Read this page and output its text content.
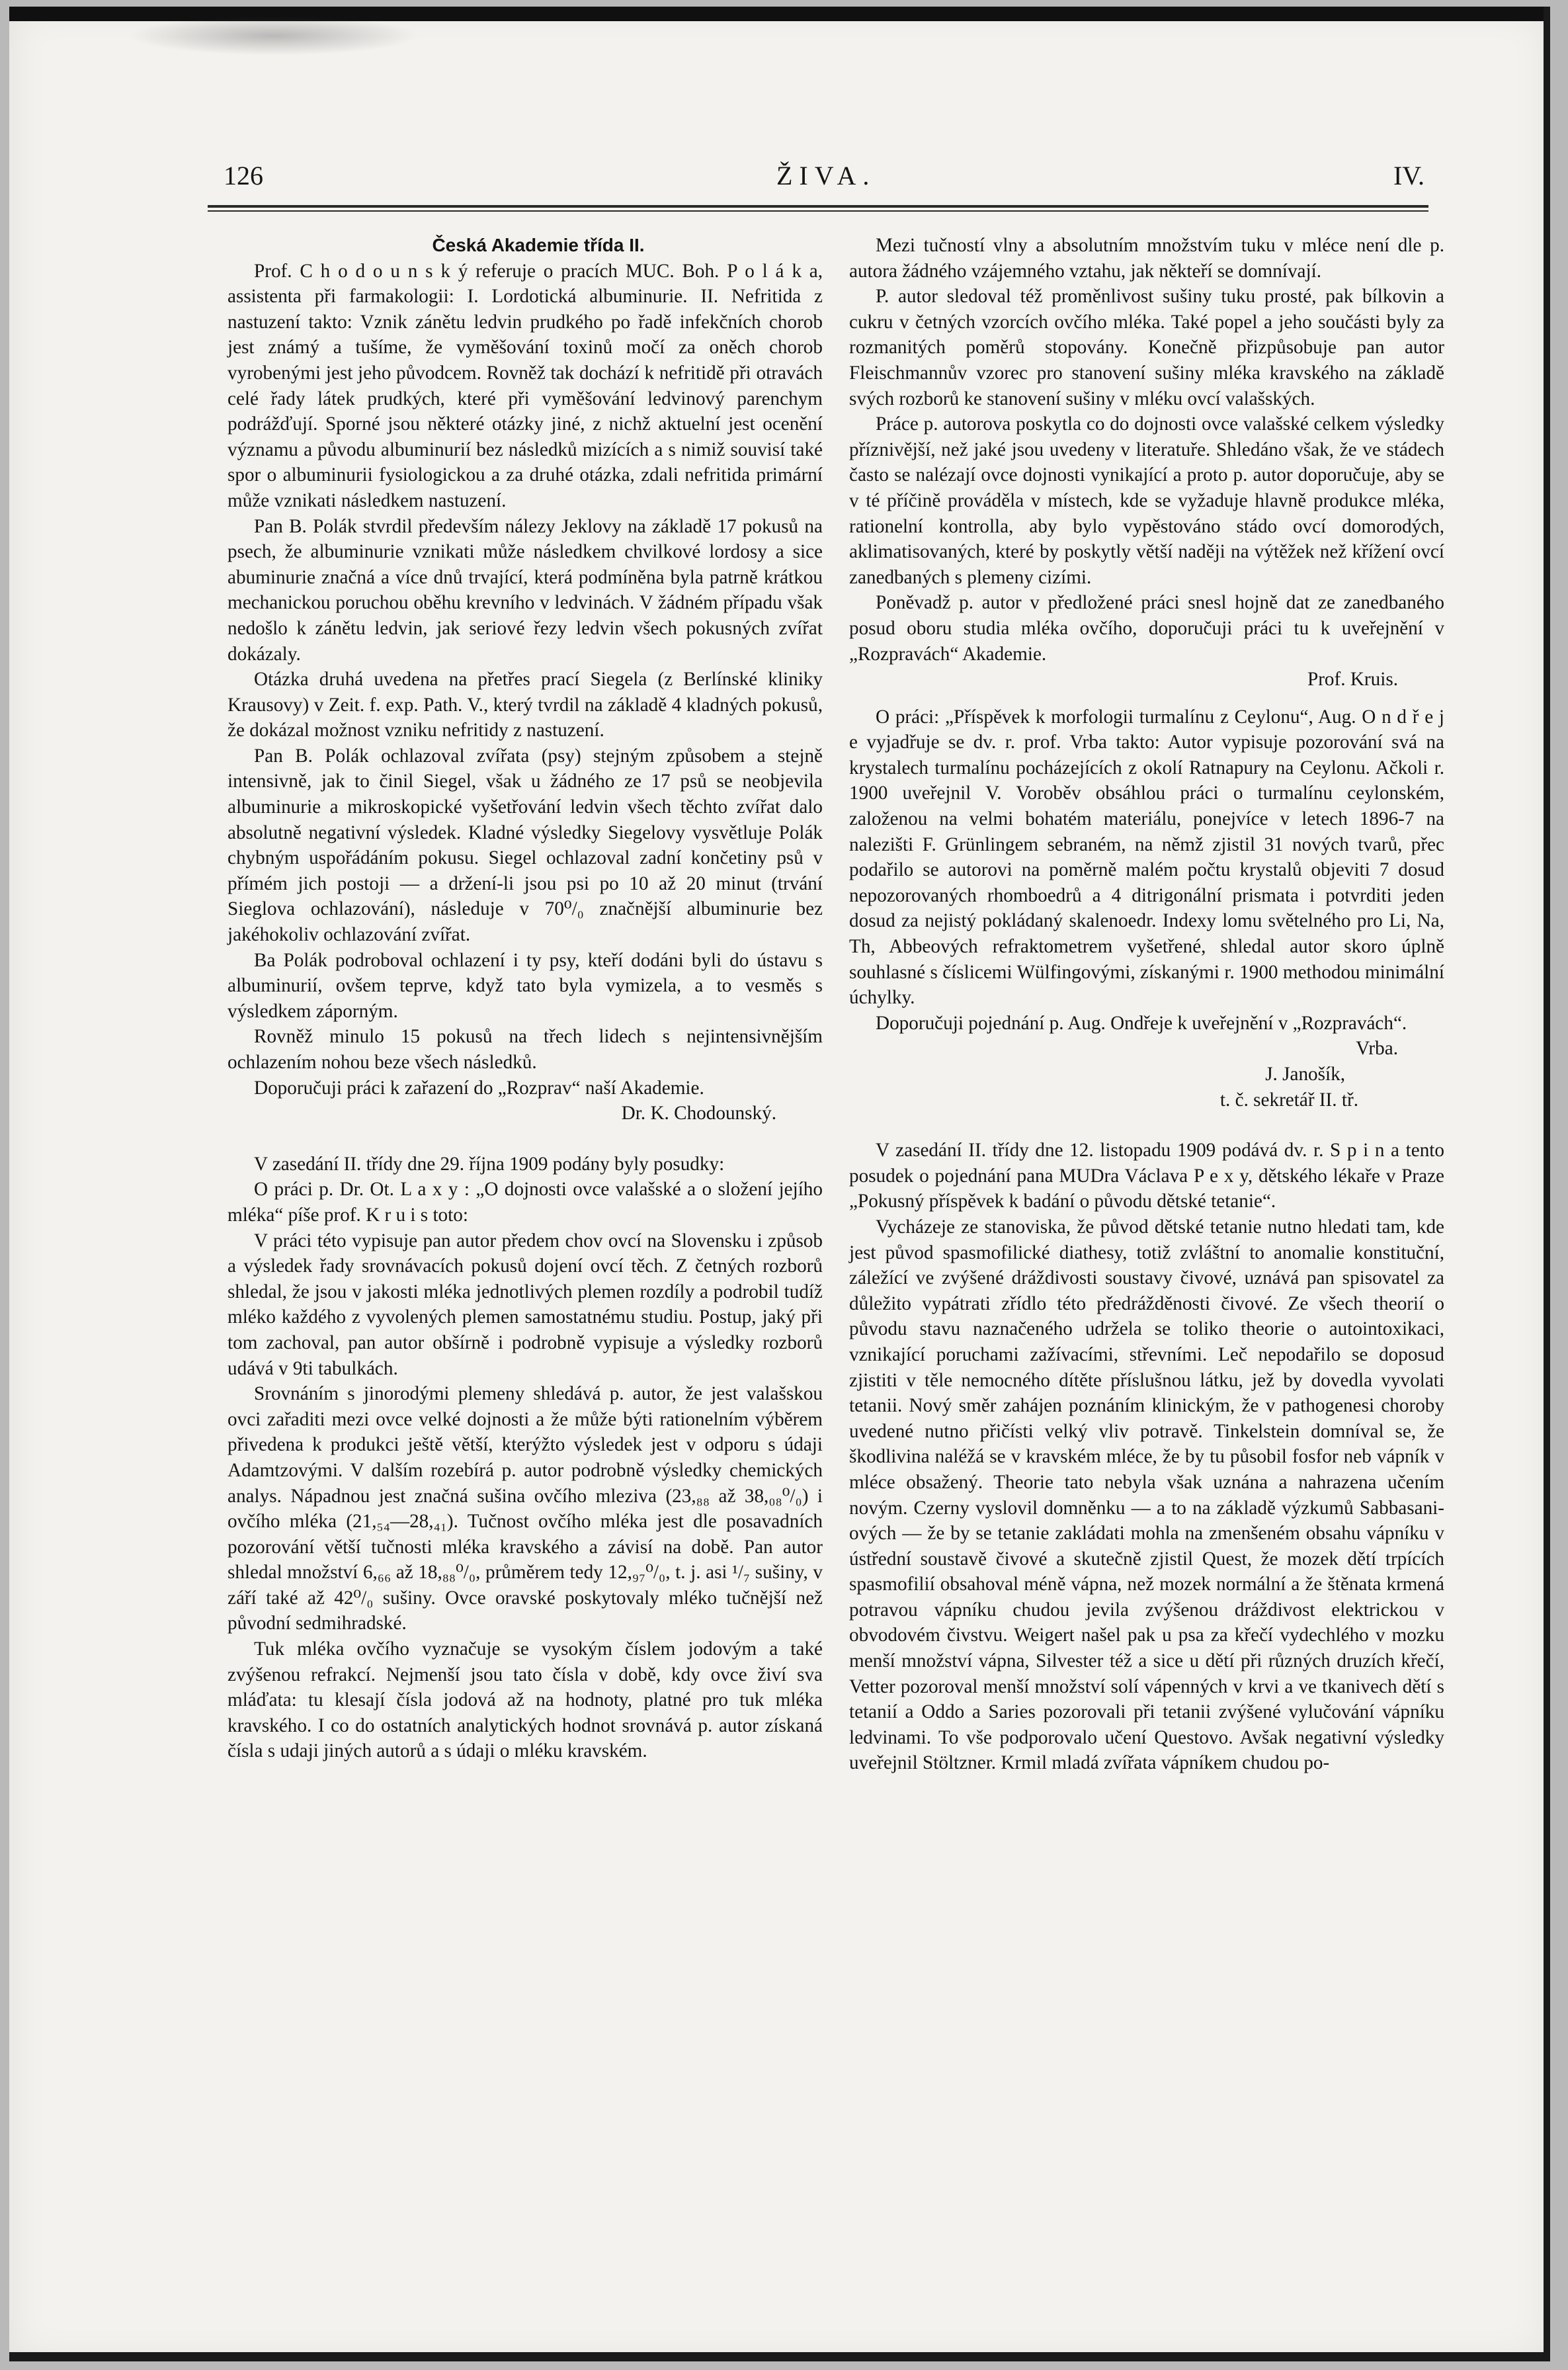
126	ŽIVA.	IV.

Česká Akademie třída II.

Prof. C h o d o u n s k ý referuje o pracích MUC. Boh. P o l á k a, assistenta při farmakologii: I. Lordotická albuminurie. II. Nefritida z nastuzení takto: Vznik zánětu ledvin prudkého po řadě infekčních chorob jest známý a tušíme, že vyměšování toxinů močí za oněch chorob vyrobenými jest jeho původcem. Rovněž tak dochází k nefritidě při otravách celé řady látek prudkých, které při vyměšování ledvinový parenchym podrážďují. Sporné jsou některé otázky jiné, z nichž aktuelní jest ocenění významu a původu albuminurií bez následků mizících a s nimiž souvisí také spor o albuminurii fysiologickou a za druhé otázka, zdali nefritida primární může vznikati následkem nastuzení.

Pan B. Polák stvrdil především nálezy Jeklovy na základě 17 pokusů na psech, že albuminurie vznikati může následkem chvilkové lordosy a sice abuminurie značná a více dnů trvající, která podmíněna byla patrně krátkou mechanickou poruchou oběhu krevního v ledvinách. V žádném případu však nedošlo k zánětu ledvin, jak seriové řezy ledvin všech pokusných zvířat dokázaly.

Otázka druhá uvedena na přetřes prací Siegela (z Berlínské kliniky Krausovy) v Zeit. f. exp. Path. V., který tvrdil na základě 4 kladných pokusů, že dokázal možnost vzniku nefritidy z nastuzení.

Pan B. Polák ochlazoval zvířata (psy) stejným způsobem a stejně intensivně, jak to činil Siegel, však u žádného ze 17 psů se neobjevila albuminurie a mikroskopické vyšetřování ledvin všech těchto zvířat dalo absolutně negativní výsledek. Kladné výsledky Siegelovy vysvětluje Polák chybným uspořádáním pokusu. Siegel ochlazoval zadní končetiny psů v přímém jich postoji — a držení-li jsou psi po 10 až 20 minut (trvání Sieglova ochlazování), následuje v 70⁰/₀ značnější albuminurie bez jakéhokoliv ochlazování zvířat.

Ba Polák podroboval ochlazení i ty psy, kteří dodáni byli do ústavu s albuminurií, ovšem teprve, když tato byla vymizela, a to vesměs s výsledkem záporným.

Rovněž minulo 15 pokusů na třech lidech s nejintensivnějším ochlazením nohou beze všech následků.

Doporučuji práci k zařazení do „Rozprav“ naší Akademie.

Dr. K. Chodounský.

V zasedání II. třídy dne 29. října 1909 podány byly posudky:

O práci p. Dr. Ot. L a x y : „O dojnosti ovce valašské a o složení jejího mléka“ píše prof. K r u i s toto:

V práci této vypisuje pan autor předem chov ovcí na Slovensku i způsob a výsledek řady srovnávacích pokusů dojení ovcí těch. Z četných rozborů shledal, že jsou v jakosti mléka jednotlivých plemen rozdíly a podrobil tudíž mléko každého z vyvolených plemen samostatnému studiu. Postup, jaký při tom zachoval, pan autor obšírně i podrobně vypisuje a výsledky rozborů udává v 9ti tabulkách.

Srovnáním s jinorodými plemeny shledává p. autor, že jest valašskou ovci zařaditi mezi ovce velké dojnosti a že může býti rationelním výběrem přivedena k produkci ještě větší, kterýžto výsledek jest v odporu s údaji Adamtzovými. V dalším rozebírá p. autor podrobně výsledky chemických analys. Nápadnou jest značná sušina ovčího mleziva (23,₈₈ až 38,₀₈⁰/₀) i ovčího mléka (21,₅₄—28,₄₁). Tučnost ovčího mléka jest dle posavadních pozorování větší tučnosti mléka kravského a závisí na době. Pan autor shledal množství 6,₆₆ až 18,₈₈⁰/₀, průměrem tedy 12,₉₇⁰/₀, t. j. asi ¹/₇ sušiny, v září také až 42⁰/₀ sušiny. Ovce oravské poskytovaly mléko tučnější než původní sedmihradské.

Tuk mléka ovčího vyznačuje se vysokým číslem jodovým a také zvýšenou refrakcí. Nejmenší jsou tato čísla v době, kdy ovce živí sva mláďata: tu klesají čísla jodová až na hodnoty, platné pro tuk mléka kravského. I co do ostatních analytických hodnot srovnává p. autor získaná čísla s udaji jiných autorů a s údaji o mléku kravském.

Mezi tučností vlny a absolutním množstvím tuku v mléce není dle p. autora žádného vzájemného vztahu, jak někteří se domnívají.

P. autor sledoval též proměnlivost sušiny tuku prosté, pak bílkovin a cukru v četných vzorcích ovčího mléka. Také popel a jeho součásti byly za rozmanitých poměrů stopovány. Konečně přizpůsobuje pan autor Fleischmannův vzorec pro stanovení sušiny mléka kravského na základě svých rozborů ke stanovení sušiny v mléku ovcí valašských.

Práce p. autorova poskytla co do dojnosti ovce valašské celkem výsledky příznivější, než jaké jsou uvedeny v literatuře. Shledáno však, že ve stádech často se nalézají ovce dojnosti vynikající a proto p. autor doporučuje, aby se v té příčině prováděla v místech, kde se vyžaduje hlavně produkce mléka, rationelní kontrolla, aby bylo vypěstováno stádo ovcí domorodých, aklimatisovaných, které by poskytly větší naději na výtěžek než křížení ovcí zanedbaných s plemeny cizími.

Poněvadž p. autor v předložené práci snesl hojně dat ze zanedbaného posud oboru studia mléka ovčího, doporučuji práci tu k uveřejnění v „Rozpravách“ Akademie.

Prof. Kruis.

O práci: „Příspěvek k morfologii turmalínu z Ceylonu“, Aug. O n d ř e j e vyjadřuje se dv. r. prof. Vrba takto: Autor vypisuje pozorování svá na krystalech turmalínu pocházejících z okolí Ratnapury na Ceylonu. Ačkoli r. 1900 uveřejnil V. Voroběv obsáhlou práci o turmalínu ceylonském, založenou na velmi bohatém materiálu, ponejvíce v letech 1896-7 na nalezišti F. Grünlingem sebraném, na němž zjistil 31 nových tvarů, přec podařilo se autorovi na poměrně malém počtu krystalů objeviti 7 dosud nepozorovaných rhomboedrů a 4 ditrigonální prismata i potvrditi jeden dosud za nejistý pokládaný skalenoedr. Indexy lomu světelného pro Li, Na, Th, Abbeových refraktometrem vyšetřené, shledal autor skoro úplně souhlasné s číslicemi Wülfingovými, získanými r. 1900 methodou minimální úchylky.

Doporučuji pojednání p. Aug. Ondřeje k uveřejnění v „Rozpravách“.

Vrba.

J. Janošík,

t. č. sekretář II. tř.

V zasedání II. třídy dne 12. listopadu 1909 podává dv. r. S p i n a tento posudek o pojednání pana MUDra Václava P e x y, dětského lékaře v Praze „Pokusný příspěvek k badání o původu dětské tetanie“.

Vycházeje ze stanoviska, že původ dětské tetanie nutno hledati tam, kde jest původ spasmofilické diathesy, totiž zvláštní to anomalie konstituční, záležící ve zvýšené dráždivosti soustavy čivové, uznává pan spisovatel za důležito vypátrati zřídlo této předrážděnosti čivové. Ze všech theorií o původu stavu naznačeného udržela se toliko theorie o autointoxikaci, vznikající poruchami zažívacími, střevními. Leč nepodařilo se doposud zjistiti v těle nemocného dítěte příslušnou látku, jež by dovedla vyvolati tetanii. Nový směr zahájen poznáním klinickým, že v pathogenesi choroby uvedené nutno přičísti velký vliv potravě. Tinkelstein domníval se, že škodlivina naléžá se v kravském mléce, že by tu působil fosfor neb vápník v mléce obsažený. Theorie tato nebyla však uznána a nahrazena učením novým. Czerny vyslovil domněnku — a to na základě výzkumů Sabbasani-ových — že by se tetanie zakládati mohla na zmenšeném obsahu vápníku v ústřední soustavě čivové a skutečně zjistil Quest, že mozek dětí trpících spasmofilií obsahoval méně vápna, než mozek normální a že štěnata krmená potravou vápníku chudou jevila zvýšenou dráždivost elektrickou v obvodovém čivstvu. Weigert našel pak u psa za křečí vydechlého v mozku menší množství vápna, Silvester též a sice u dětí při různých druzích křečí, Vetter pozoroval menší množství solí vápenných v krvi a ve tkanivech dětí s tetanií a Oddo a Saries pozorovali při tetanii zvýšené vylučování vápníku ledvinami. To vše podporovalo učení Questovo. Avšak negativní výsledky uveřejnil Stöltzner. Krmil mladá zvířata vápníkem chudou po-
